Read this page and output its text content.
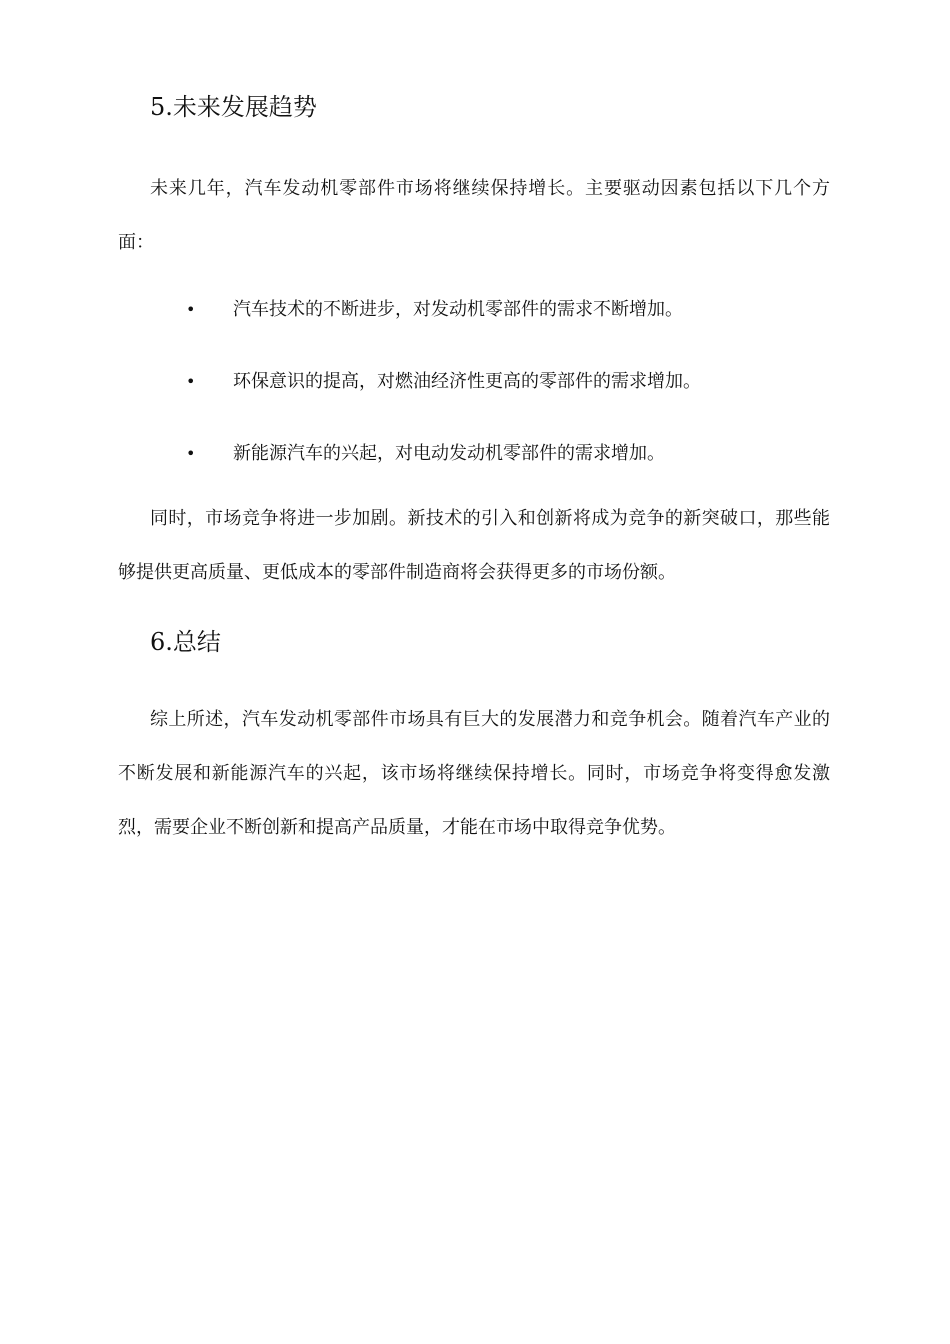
5.未来发展趋势

未来几年，汽车发动机零部件市场将继续保持增长。主要驱动因素包括以下几个方面：

• 汽车技术的不断进步，对发动机零部件的需求不断增加。
• 环保意识的提高，对燃油经济性更高的零部件的需求增加。
• 新能源汽车的兴起，对电动发动机零部件的需求增加。

同时，市场竞争将进一步加剧。新技术的引入和创新将成为竞争的新突破口，那些能够提供更高质量、更低成本的零部件制造商将会获得更多的市场份额。

6.总结

综上所述，汽车发动机零部件市场具有巨大的发展潜力和竞争机会。随着汽车产业的不断发展和新能源汽车的兴起，该市场将继续保持增长。同时，市场竞争将变得愈发激烈，需要企业不断创新和提高产品质量，才能在市场中取得竞争优势。
